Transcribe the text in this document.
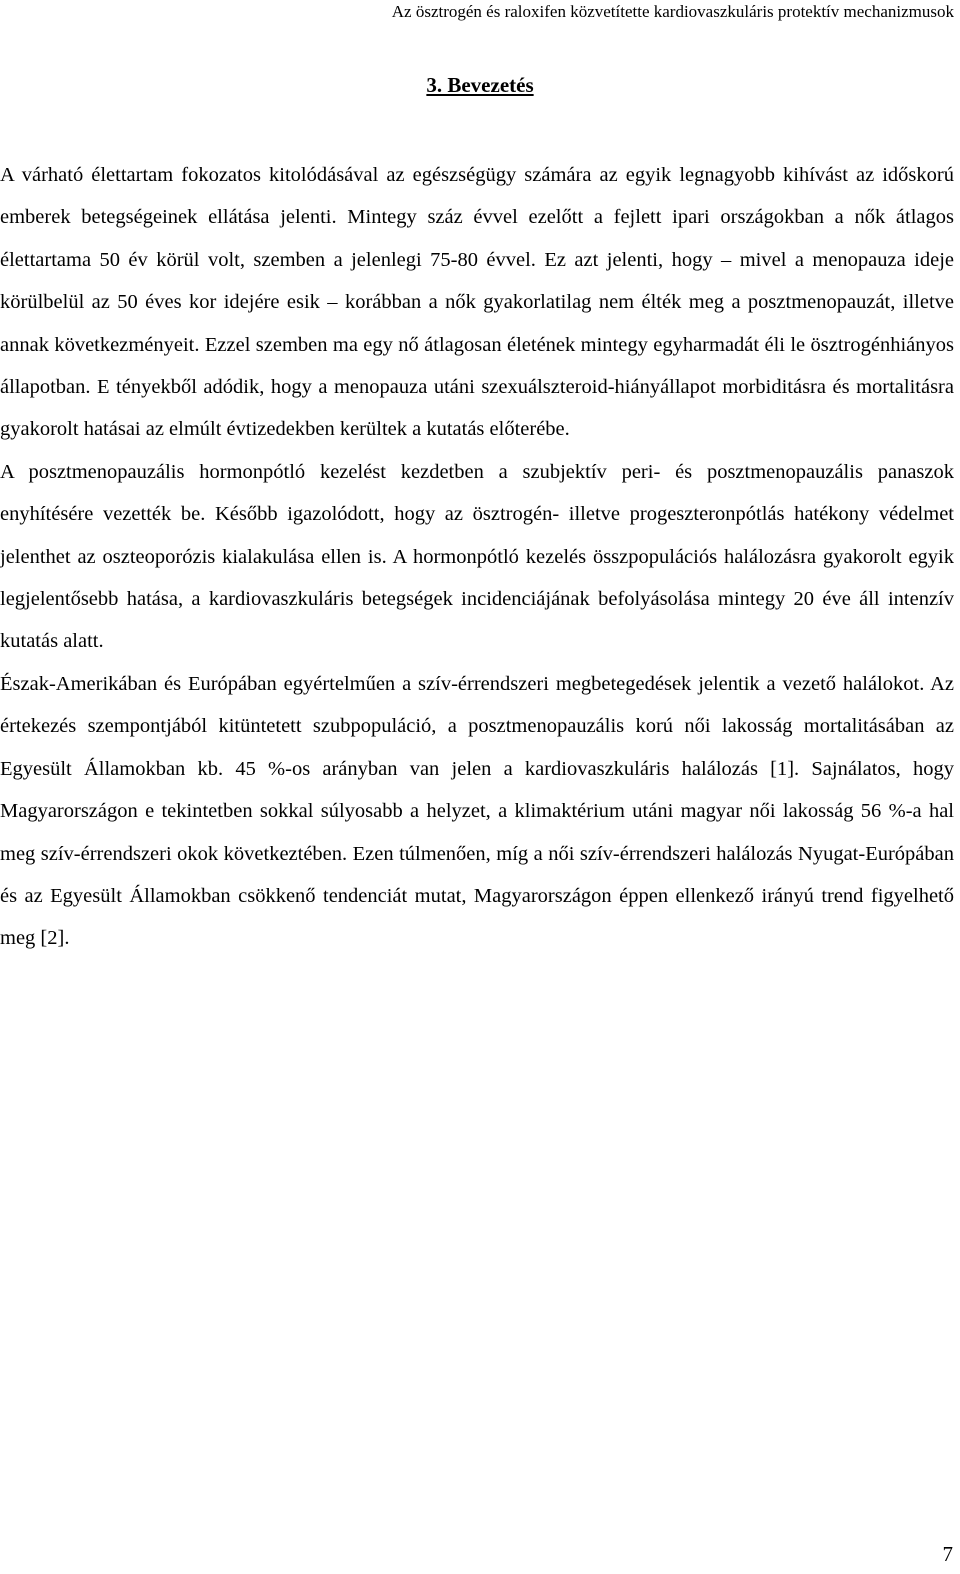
Az ösztrogén és raloxifen közvetítette kardiovaszkuláris protektív mechanizmusok
3. Bevezetés

A várható élettartam fokozatos kitolódásával az egészségügy számára az egyik legnagyobb kihívást az időskorú emberek betegségeinek ellátása jelenti. Mintegy száz évvel ezelőtt a fejlett ipari országokban a nők átlagos élettartama 50 év körül volt, szemben a jelenlegi 75-80 évvel. Ez azt jelenti, hogy – mivel a menopauza ideje körülbelül az 50 éves kor idejére esik – korábban a nők gyakorlatilag nem élték meg a posztmenopauzát, illetve annak következményeit. Ezzel szemben ma egy nő átlagosan életének mintegy egyharmadát éli le ösztrogénhiányos állapotban. E tényekből adódik, hogy a menopauza utáni szexuálszteroid-hiányállapot morbiditásra és mortalitásra gyakorolt hatásai az elmúlt évtizedekben kerültek a kutatás előterébe.

A posztmenopauzális hormonpótló kezelést kezdetben a szubjektív peri- és posztmenopauzális panaszok enyhítésére vezették be. Később igazolódott, hogy az ösztrogén- illetve progeszteronpótlás hatékony védelmet jelenthet az oszteoporózis kialakulása ellen is. A hormonpótló kezelés összpopulációs halálozásra gyakorolt egyik legjelentősebb hatása, a kardiovaszkuláris betegségek incidenciájának befolyásolása mintegy 20 éve áll intenzív kutatás alatt.

Észak-Amerikában és Európában egyértelműen a szív-érrendszeri megbetegedések jelentik a vezető halálokot. Az értekezés szempontjából kitüntetett szubpopuláció, a posztmenopauzális korú női lakosság mortalitásában az Egyesült Államokban kb. 45 %-os arányban van jelen a kardiovaszkuláris halálozás [1]. Sajnálatos, hogy Magyarországon e tekintetben sokkal súlyosabb a helyzet, a klimaktérium utáni magyar női lakosság 56 %-a hal meg szív-érrendszeri okok következtében. Ezen túlmenően, míg a női szív-érrendszeri halálozás Nyugat-Európában és az Egyesült Államokban csökkenő tendenciát mutat, Magyarországon éppen ellenkező irányú trend figyelhető meg [2].

7
